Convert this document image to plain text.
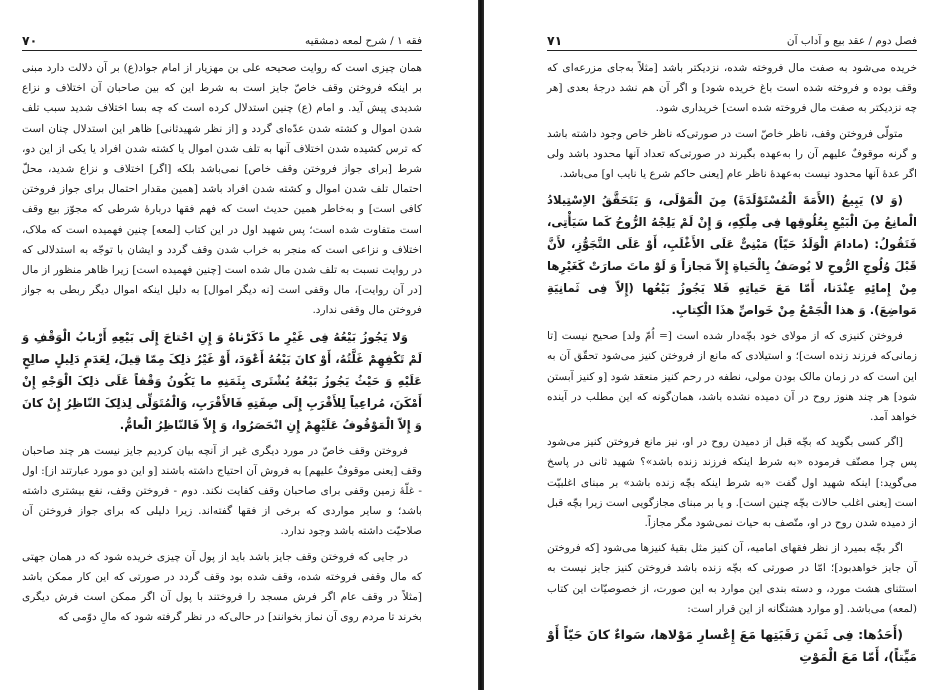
فقه ۱ / شرح لمعه دمشقیه
۷۰

همان چیزی است که روایت صحیحه علی بن مهزیار از امام جواد(ع) بر آن دلالت دارد مبنی بر اینکه فروختن وقف خاصّ جایز است به شرط این که بین صاحبان آن اختلاف و نزاع شدیدی پیش آید. و امام (ع) چنین استدلال کرده است که چه بسا اختلاف شدید سبب تلف شدن اموال و کشته شدن عدّه‌ای گردد و [از نظر شهیدثانی] ظاهر این استدلال چنان است که ترس کشیده شدن اختلاف آنها به تلف شدن اموال یا کشته شدن افراد یا یکی از این دو، شرط [برای جواز فروختن وقف خاص] نمی‌باشد بلکه [اگر] اختلاف و نزاع شدید، محلّ احتمال تلف شدن اموال و کشته شدن افراد باشد [همین مقدار احتمال برای جواز فروختن کافی است] و به‌خاطر همین حدیث است که فهم فقها دربارهٔ شرطی که مجوّز بیع وقف است متفاوت شده است؛ پس شهید اول در این کتاب [لمعه] چنین فهمیده است که ملاک، اختلاف و نزاعی است که منجر به خراب شدن وقف گردد و ایشان با توجّه به استدلالی که در روایت نسبت به تلف شدن مال شده است [چنین فهمیده است] زیرا ظاهر منظور از مال [در آن روایت]، مال وقفی است [نه دیگر اموال] به دلیل اینکه اموال دیگر ربطی به جواز فروختن مال وقفی ندارد.

وَلا یَجُوزُ بَیْعُهُ فِی غَیْرِ ما ذَکَرْناهُ وَ إِنِ احْتاجَ إِلَی بَیْعِهِ أَرْبابُ الْوَقْفِ وَ لَمْ تَکْفِهِمْ غَلَّتُهُ، أَوْ کانَ بَیْعُهُ أَعْوَدَ، أَوْ غَیْرُ ذلِکَ مِمّا قِیلَ، لِعَدَمِ دَلِیلٍ صالِحٍ عَلَیْهِ وَ حَیْثُ یَجُوزُ بَیْعُهُ یُشْتَری بِثَمَنِهِ ما یَکُونُ وَقْفاً عَلَی ذلِکَ الْوَجْهِ إِنْ أَمْکَنَ، مُراعِیاً لِلأَقْرَبِ إِلَی صِفَتِهِ فَالأَقْرَبِ، وَالْمُتَوَلِّی لِذلِکَ النّاظِرُ إِنْ کانَ وَ إِلاّ الْمَوْقُوفُ عَلَیْهِمْ إِنِ انْحَصَرُوا، وَ إِلاّ فَالنّاظِرُ الْعامُّ.

فروختن وقف خاصّ در مورد دیگری غیر از آنچه بیان کردیم جایز نیست هر چند صاحبان وقف [یعنی موقوفٌ علیهم] به فروش آن احتیاج داشته باشند [و این دو مورد عبارتند از]: اول - غلّهٔ زمین وقفی برای صاحبان وقف کفایت نکند. دوم - فروختن وقف، نفع بیشتری داشته باشد؛ و سایر مواردی که برخی از فقها گفته‌اند. زیرا دلیلی که برای جواز فروختن آن صلاحیّت داشته باشد وجود ندارد.

در جایی که فروختن وقف جایز باشد باید از پول آن چیزی خریده شود که در همان جهتی که مال وقفی فروخته شده، وقف شده بود وقف گردد در صورتی که این کار ممکن باشد [مثلاً در وقف عام اگر فرش مسجد را فروختند با پول آن اگر ممکن است فرش دیگری بخرند تا مردم روی آن نماز بخوانند] در حالی‌که در نظر گرفته شود که مالِ دوّمی که

فصل دوم / عقد بیع و آداب آن
۷۱

خریده می‌شود به صفت مال فروخته شده، نزدیکتر باشد [مثلاً به‌جای مزرعه‌ای که وقف بوده و فروخته شده است باغ خریده شود] و اگر آن هم نشد درجهٔ بعدی [هر چه نزدیکتر به صفت مال فروخته شده است] خریداری شود.

متولّی فروختن وقف، ناظر خاصّ است در صورتی‌که ناظر خاص وجود داشته باشد و گرنه موقوفٌ علیهم آن را به‌عهده بگیرند در صورتی‌که تعداد آنها محدود باشد ولی اگر عدهٔ آنها محدود نیست به‌عهدهٔ ناظر عام [یعنی حاکم شرع یا نایب او] می‌باشد.

(وَ لا) یَبِیعُ (الأَمَةَ الْمُسْتَوْلَدَةَ) مِنَ الْمَوْلَی، وَ یَتَحَقَّقُ الاِسْتِیلادُ الْمانِعُ مِنَ الْبَیْعِ بِعُلُوقِها فِی مِلْکِهِ، وَ إِنْ لَمْ یَلِجْهُ الرُّوحُ کَما سَیَأْتِی، فَتَقُولُ: (مادامَ الْوَلَدُ حَیّاً) مَبْنِیٌّ عَلَی الأَغْلَبِ، أَوْ عَلَی التَّجَوُّزِ، لأَنَّ قَبْلَ وُلُوجِ الرُّوحِ لا یُوصَفُ بِالْحَیاةِ إِلاّ مَجازاً وَ لَوْ ماتَ صارَتْ کَغَیْرِها مِنْ إِمائِهِ عِنْدَنا، أَمّا مَعَ حَیاتِهِ فَلا یَجُوزُ بَیْعُها (إِلاّ فِی ثَمانِیَةِ مَواضِعَ). وَ هذا الْجَمْعُ مِنْ خَواصِّ هذَا الْکِتابِ.

فروختن کنیزی که از مولای خود بچّه‌دار شده است [= اُمّ ولد] صحیح نیست [تا زمانی‌که فرزند زنده است]؛ و استیلادی که مانع از فروختن کنیز می‌شود تحقّق آن به این است که در زمان مالک بودن مولی، نطفه در رحم کنیز منعقد شود [و کنیز آبستن شود] هر چند هنوز روح در آن دمیده نشده باشد، همان‌گونه که این مطلب در آینده خواهد آمد.

[اگر کسی بگوید که بچّه قبل از دمیدن روح در او، نیز مانع فروختن کنیز می‌شود پس چرا مصنّف فرموده «به شرط اینکه فرزند زنده باشد»؟ شهید ثانی در پاسخ می‌گوید:] اینکه شهید اول گفت «به شرط اینکه بچّه زنده باشد» بر مبنای اغلبیّت است [یعنی اغلب حالات بچّه چنین است]. و یا بر مبنای مجازگویی است زیرا بچّه قبل از دمیده شدن روح در او، متّصف به حیات نمی‌شود مگر مجازاً.

اگر بچّه بمیرد از نظر فقهای امامیه، آن کنیز مثل بقیهٔ کنیزها می‌شود [که فروختن آن جایز خواهد‌بود]؛ امّا در صورتی که بچّه زنده باشد فروختن کنیز جایز نیست به استثنای هشت مورد، و دسته بندی این موارد به این صورت، از خصوصیّات این کتاب (لمعه) می‌باشد. [و موارد هشتگانه از این قرار است:

(أَحَدُها: فِی ثَمَنِ رَقَبَتِها مَعَ إِعْسارِ مَوْلاها، سَواءٌ کانَ حَیّاً أَوْ مَیِّتاً)، أَمّا مَعَ الْمَوْتِ
